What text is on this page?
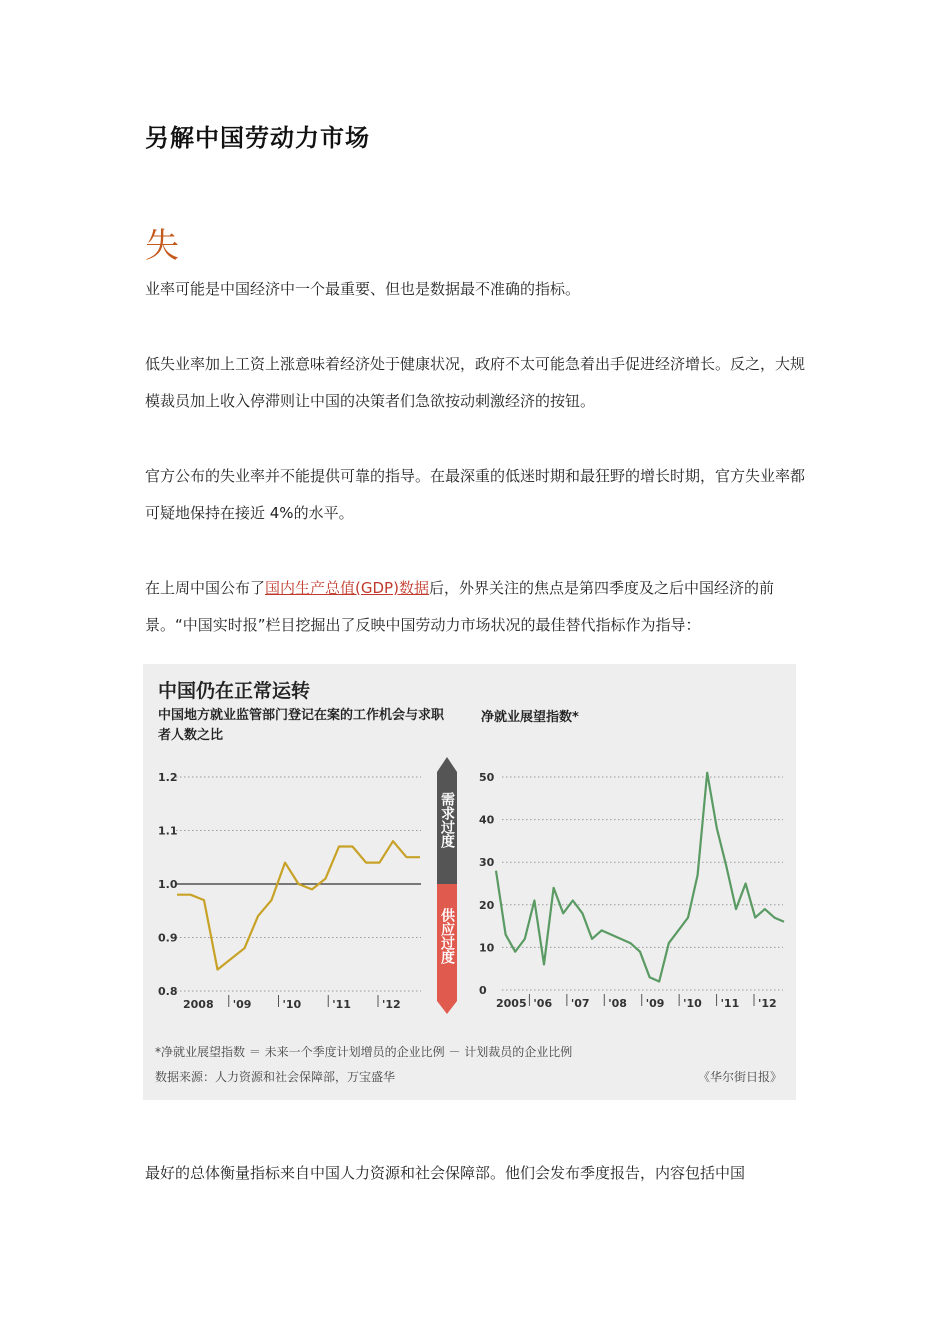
另解中国劳动力市场
失
业率可能是中国经济中一个最重要、但也是数据最不准确的指标。
低失业率加上工资上涨意味着经济处于健康状况，政府不太可能急着出手促进经济增长。反之，大规模裁员加上收入停滞则让中国的决策者们急欲按动刺激经济的按钮。
官方公布的失业率并不能提供可靠的指导。在最深重的低迷时期和最狂野的增长时期，官方失业率都可疑地保持在接近 4%的水平。
在上周中国公布了国内生产总值(GDP)数据后，外界关注的焦点是第四季度及之后中国经济的前景。“中国实时报”栏目挖掘出了反映中国劳动力市场状况的最佳替代指标作为指导：
1.2
1.1
1.0
0.9
0.8
2008 '09	'10	'11	'12
50
40
30
20
10
0
2005 '06 '07 '08 '09 '10 '11 '12
需求过度
供应过度
中国仍在正常运转
中国地方就业监管部门登记在案的工作机会与求职者人数之比
净就业展望指数*
*净就业展望指数 ＝ 未来一个季度计划增员的企业比例 － 计划裁员的企业比例
数据来源：人力资源和社会保障部，万宝盛华	《华尔街日报》
最好的总体衡量指标来自中国人力资源和社会保障部。他们会发布季度报告，内容包括中国
